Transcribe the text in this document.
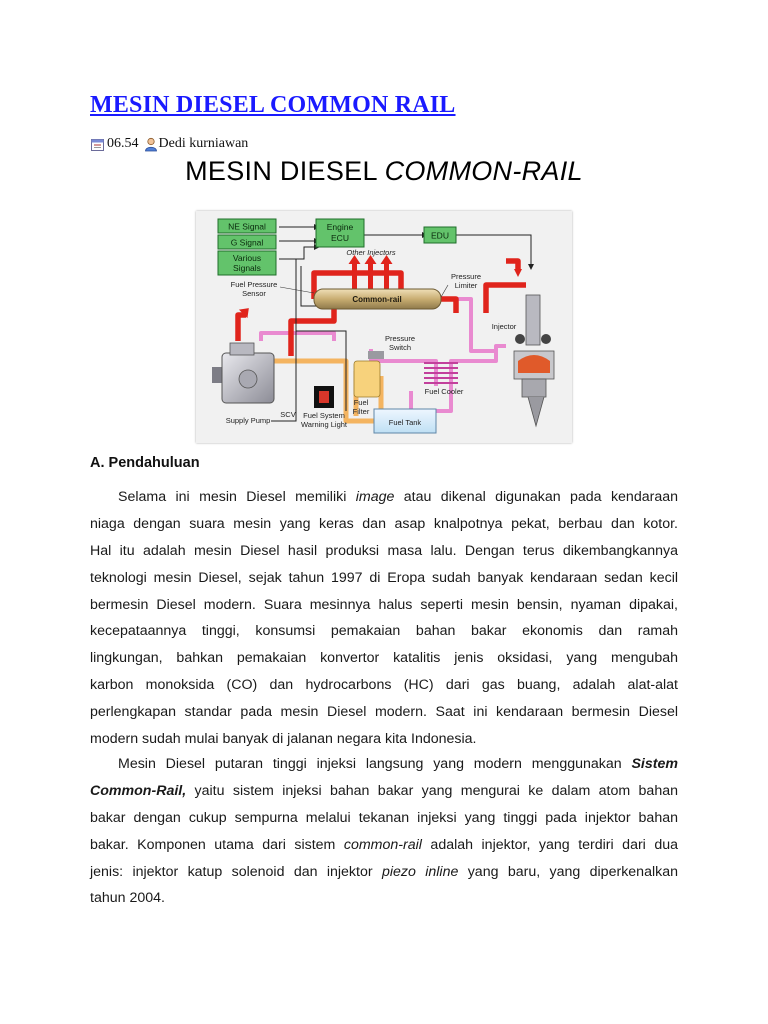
MESIN DIESEL COMMON RAIL
06.54 Dedi kurniawan
MESIN DIESEL COMMON-RAIL
NE Signal
G Signal
Various
Signals
Engine
ECU	EDU
Other Injectors
Fuel Pressure
Sensor
Common-rail
Pressure
Limiter
Injector
Pressure
Switch
Fuel
Filter
Fuel Cooler
Fuel Tank
Fuel System
Warning Light
Supply Pump
SCV
A. Pendahuluan
Selama ini mesin Diesel memiliki image atau dikenal digunakan pada kendaraan
niaga dengan suara mesin yang keras dan asap knalpotnya pekat, berbau dan kotor.
Hal itu adalah mesin Diesel hasil produksi masa lalu. Dengan terus dikembangkannya
teknologi mesin Diesel, sejak tahun 1997 di Eropa sudah banyak kendaraan sedan kecil
bermesin Diesel modern. Suara mesinnya halus seperti mesin bensin, nyaman dipakai,
kecepataannya tinggi, konsumsi pemakaian bahan bakar ekonomis dan ramah
lingkungan, bahkan pemakaian konvertor katalitis jenis oksidasi, yang mengubah
karbon monoksida (CO) dan hydrocarbons (HC) dari gas buang, adalah alat-alat
perlengkapan standar pada mesin Diesel modern. Saat ini kendaraan bermesin Diesel
modern sudah mulai banyak di jalanan negara kita Indonesia.
Mesin Diesel putaran tinggi injeksi langsung yang modern menggunakan Sistem
Common-Rail, yaitu sistem injeksi bahan bakar yang mengurai ke dalam atom bahan
bakar dengan cukup sempurna melalui tekanan injeksi yang tinggi pada injektor bahan
bakar. Komponen utama dari sistem common-rail adalah injektor, yang terdiri dari dua
jenis: injektor katup solenoid dan injektor piezo inline yang baru, yang diperkenalkan
tahun 2004.
